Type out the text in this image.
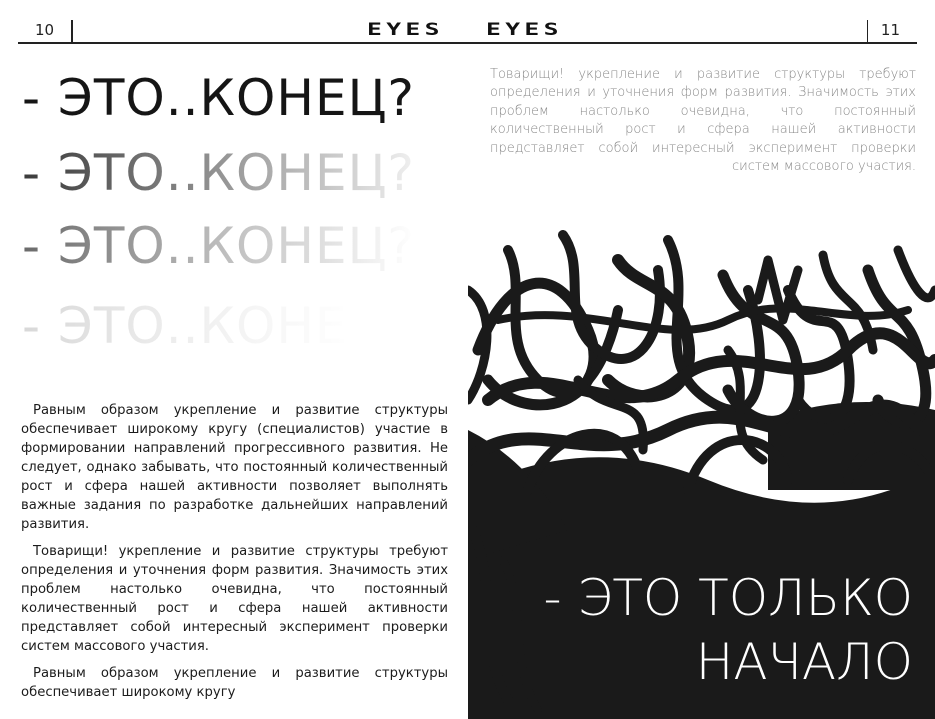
10	EYES EYES	11
- ЭТО..КОНЕЦ?
- ЭТО..КОНЕЦ?
- ЭТО..КОНЕЦ?
- ЭТО..КОНЕЦ?
Товарищи! укрепление и развитие структуры требуют определения и уточнения форм развития. Значимость этих проблем настолько очевидна, что постоянный количественный рост и сфера нашей активности представляет собой интересный эксперимент проверки систем массового участия.

Равным образом укрепление и развитие структуры обеспечивает широкому кругу (специалистов) участие в формировании направлений прогрессивного развития. Не следует, однако забывать, что постоянный количественный рост и сфера нашей активности позволяет выполнять важные задания по разработке дальнейших направлений развития.

Товарищи! укрепление и развитие структуры требуют определения и уточнения форм развития. Значимость этих проблем настолько очевидна, что постоянный количественный рост и сфера нашей активности представляет собой интересный эксперимент проверки систем массового участия.

Равным образом укрепление и развитие структуры обеспечивает широкому кругу

- ЭТО ТОЛЬКО
НАЧАЛО
